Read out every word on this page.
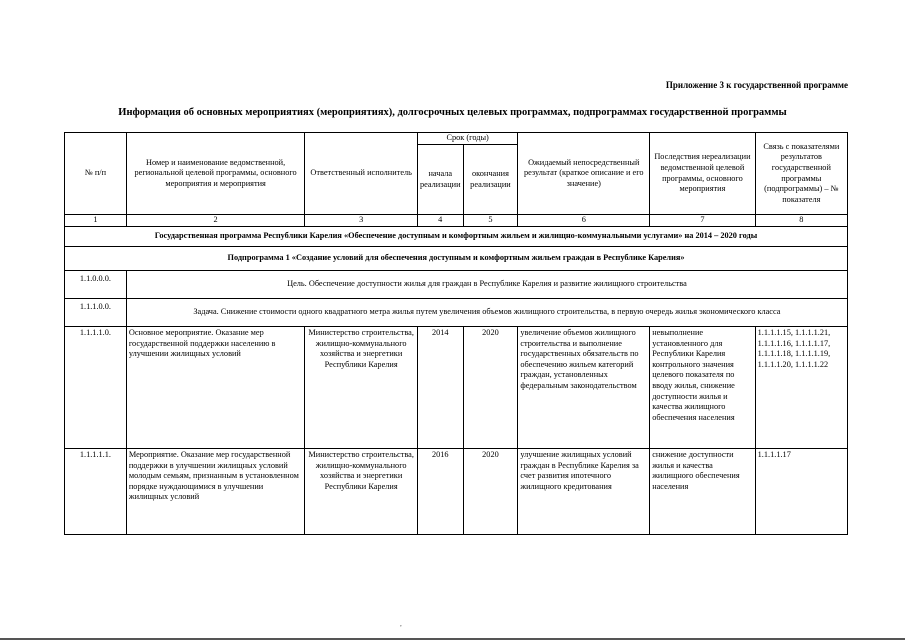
Приложение 3 к государственной программе
Информация об основных мероприятиях (мероприятиях), долгосрочных целевых программах, подпрограммах государственной программы
№ п/п	Номер и наименование ведомственной, региональной целевой программы, основного мероприятия и мероприятия	Ответственный исполнитель	Срок (годы)		Ожидаемый непосредственный результат (краткое описание и его значение)	Последствия нереализации ведомственной целевой программы, основного мероприятия	Связь с показателями результатов государственной программы (подпрограммы) – № показателя
			начала реализации	окончания реализации			
1	2	3	4	5	6	7	8
Государственная программа Республики Карелия «Обеспечение доступным и комфортным жильем и жилищно-коммунальными услугами» на 2014 – 2020 годы							
Подпрограмма 1 «Создание условий для обеспечения доступным и комфортным жильем граждан в Республике Карелия»							
1.1.0.0.0.	Цель. Обеспечение доступности жилья для граждан в Республике Карелия и развитие жилищного строительства						
1.1.1.0.0.	Задача. Снижение стоимости одного квадратного метра жилья путем увеличения объемов жилищного строительства, в первую очередь жилья экономического класса						
1.1.1.1.0.	Основное мероприятие. Оказание мер государственной поддержки населению в улучшении жилищных условий	Министерство строительства, жилищно-коммунального хозяйства и энергетики Республики Карелия	2014	2020	увеличение объемов жилищного строительства и выполнение государственных обязательств по обеспечению жильем категорий граждан, установленных федеральным законодательством	невыполнение установленного для Республики Карелия контрольного значения целевого показателя по вводу жилья, снижение доступности жилья и качества жилищного обеспечения населения	1.1.1.1.15, 1.1.1.1.21, 1.1.1.1.16, 1.1.1.1.17, 1.1.1.1.18, 1.1.1.1.19, 1.1.1.1.20, 1.1.1.1.22
1.1.1.1.1.	Мероприятие. Оказание мер государственной поддержки в улучшении жилищных условий молодым семьям, признанным в установленном порядке нуждающимися в улучшении жилищных условий	Министерство строительства, жилищно-коммунального хозяйства и энергетики Республики Карелия	2016	2020	улучшение жилищных условий граждан в Республике Карелия за счет развития ипотечного жилищного кредитования	снижение доступности жилья и качества жилищного обеспечения населения	1.1.1.1.17
,
